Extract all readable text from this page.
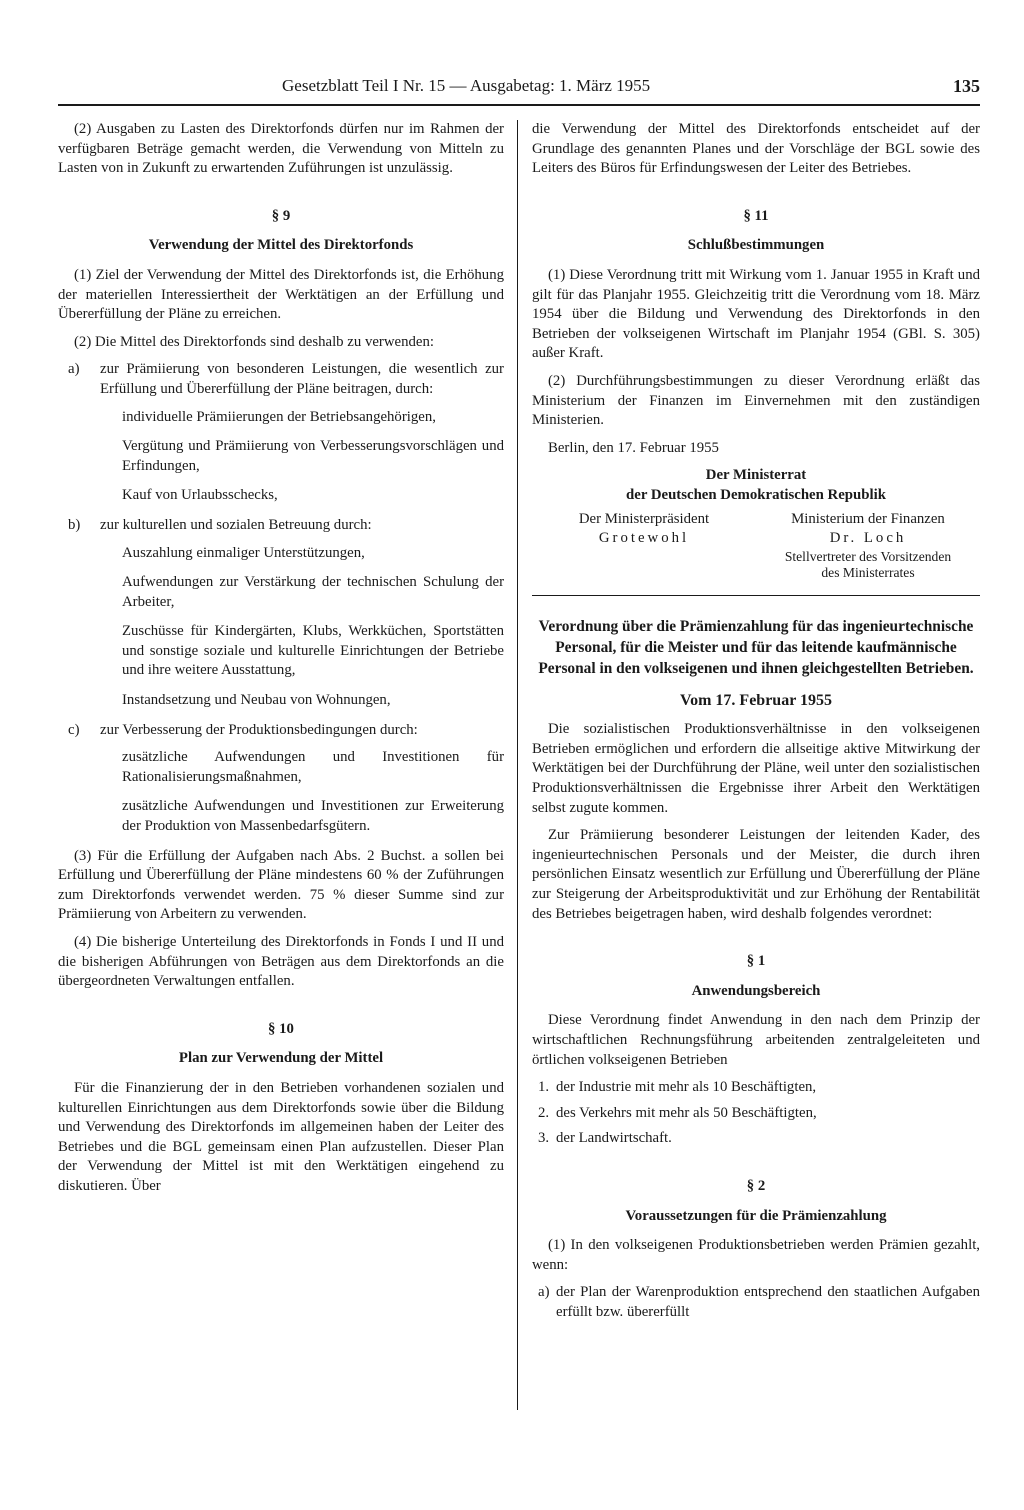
Gesetzblatt Teil I Nr. 15 — Ausgabetag: 1. März 1955	135

(2) Ausgaben zu Lasten des Direktorfonds dürfen nur im Rahmen der verfügbaren Beträge gemacht werden, die Verwendung von Mitteln zu Lasten von in Zukunft zu erwartenden Zuführungen ist unzulässig.

§ 9
Verwendung der Mittel des Direktorfonds

(1) Ziel der Verwendung der Mittel des Direktorfonds ist, die Erhöhung der materiellen Interessiertheit der Werktätigen an der Erfüllung und Übererfüllung der Pläne zu erreichen.

(2) Die Mittel des Direktorfonds sind deshalb zu verwenden:

a) zur Prämiierung von besonderen Leistungen, die wesentlich zur Erfüllung und Übererfüllung der Pläne beitragen, durch:
individuelle Prämiierungen der Betriebsangehörigen,
Vergütung und Prämiierung von Verbesserungsvorschlägen und Erfindungen,
Kauf von Urlaubsschecks,
b) zur kulturellen und sozialen Betreuung durch:
Auszahlung einmaliger Unterstützungen,
Aufwendungen zur Verstärkung der technischen Schulung der Arbeiter,
Zuschüsse für Kindergärten, Klubs, Werkküchen, Sportstätten und sonstige soziale und kulturelle Einrichtungen der Betriebe und ihre weitere Ausstattung,
Instandsetzung und Neubau von Wohnungen,
c) zur Verbesserung der Produktionsbedingungen durch:
zusätzliche Aufwendungen und Investitionen für Rationalisierungsmaßnahmen,
zusätzliche Aufwendungen und Investitionen zur Erweiterung der Produktion von Massenbedarfsgütern.

(3) Für die Erfüllung der Aufgaben nach Abs. 2 Buchst. a sollen bei Erfüllung und Übererfüllung der Pläne mindestens 60 % der Zuführungen zum Direktorfonds verwendet werden. 75 % dieser Summe sind zur Prämiierung von Arbeitern zu verwenden.

(4) Die bisherige Unterteilung des Direktorfonds in Fonds I und II und die bisherigen Abführungen von Beträgen aus dem Direktorfonds an die übergeordneten Verwaltungen entfallen.

§ 10
Plan zur Verwendung der Mittel

Für die Finanzierung der in den Betrieben vorhandenen sozialen und kulturellen Einrichtungen aus dem Direktorfonds sowie über die Bildung und Verwendung des Direktorfonds im allgemeinen haben der Leiter des Betriebes und die BGL gemeinsam einen Plan aufzustellen. Dieser Plan der Verwendung der Mittel ist mit den Werktätigen eingehend zu diskutieren. Über

die Verwendung der Mittel des Direktorfonds entscheidet auf der Grundlage des genannten Planes und der Vorschläge der BGL sowie des Leiters des Büros für Erfindungswesen der Leiter des Betriebes.

§ 11
Schlußbestimmungen

(1) Diese Verordnung tritt mit Wirkung vom 1. Januar 1955 in Kraft und gilt für das Planjahr 1955. Gleichzeitig tritt die Verordnung vom 18. März 1954 über die Bildung und Verwendung des Direktorfonds in den Betrieben der volkseigenen Wirtschaft im Planjahr 1954 (GBl. S. 305) außer Kraft.

(2) Durchführungsbestimmungen zu dieser Verordnung erläßt das Ministerium der Finanzen im Einvernehmen mit den zuständigen Ministerien.

Berlin, den 17. Februar 1955

Der Ministerrat
der Deutschen Demokratischen Republik
Der Ministerpräsident	Ministerium der Finanzen
Grotewohl	Dr. Loch
Stellvertreter des Vorsitzenden
des Ministerrates
Verordnung über die Prämienzahlung für das ingenieurtechnische Personal, für die Meister und für das leitende kaufmännische Personal in den volkseigenen und ihnen gleichgestellten Betrieben.
Vom 17. Februar 1955

Die sozialistischen Produktionsverhältnisse in den volkseigenen Betrieben ermöglichen und erfordern die allseitige aktive Mitwirkung der Werktätigen bei der Durchführung der Pläne, weil unter den sozialistischen Produktionsverhältnissen die Ergebnisse ihrer Arbeit den Werktätigen selbst zugute kommen.

Zur Prämiierung besonderer Leistungen der leitenden Kader, des ingenieurtechnischen Personals und der Meister, die durch ihren persönlichen Einsatz wesentlich zur Erfüllung und Übererfüllung der Pläne zur Steigerung der Arbeitsproduktivität und zur Erhöhung der Rentabilität des Betriebes beigetragen haben, wird deshalb folgendes verordnet:

§ 1
Anwendungsbereich

Diese Verordnung findet Anwendung in den nach dem Prinzip der wirtschaftlichen Rechnungsführung arbeitenden zentralgeleiteten und örtlichen volkseigenen Betrieben

1. der Industrie mit mehr als 10 Beschäftigten,
2. des Verkehrs mit mehr als 50 Beschäftigten,
3. der Landwirtschaft.
§ 2
Voraussetzungen für die Prämienzahlung

(1) In den volkseigenen Produktionsbetrieben werden Prämien gezahlt, wenn:

a) der Plan der Warenproduktion entsprechend den staatlichen Aufgaben erfüllt bzw. übererfüllt
